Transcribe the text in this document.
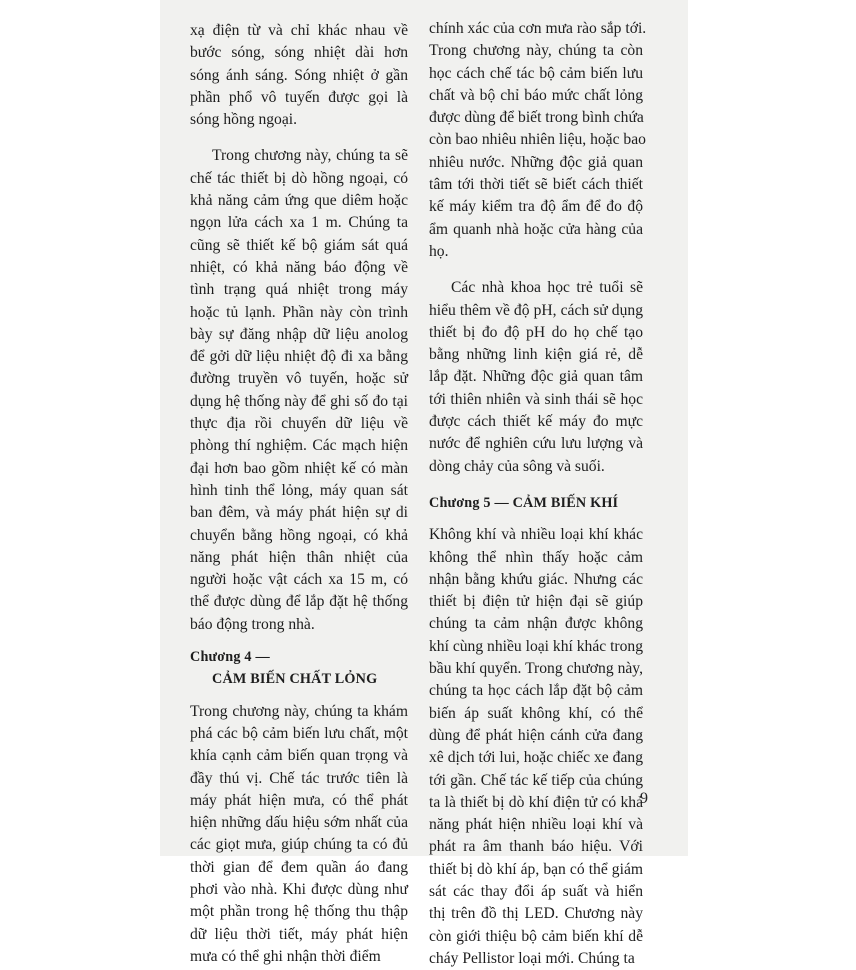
xạ điện từ và chỉ khác nhau về
bước sóng, sóng nhiệt dài hơn
sóng ánh sáng. Sóng nhiệt ở gần
phần phổ vô tuyến được gọi là
sóng hồng ngoại.

Trong chương này, chúng ta sẽ
chế tác thiết bị dò hồng ngoại, có
khả năng cảm ứng que diêm hoặc
ngọn lửa cách xa 1 m. Chúng ta
cũng sẽ thiết kế bộ giám sát quá
nhiệt, có khả năng báo động về
tình trạng quá nhiệt trong máy
hoặc tủ lạnh. Phần này còn trình
bày sự đăng nhập dữ liệu anolog
để gởi dữ liệu nhiệt độ đi xa bằng
đường truyền vô tuyến, hoặc sử
dụng hệ thống này để ghi số đo tại
thực địa rồi chuyển dữ liệu về
phòng thí nghiệm. Các mạch hiện
đại hơn bao gồm nhiệt kế có màn
hình tinh thể lỏng, máy quan sát
ban đêm, và máy phát hiện sự di
chuyển bằng hồng ngoại, có khả
năng phát hiện thân nhiệt của
người hoặc vật cách xa 15 m, có
thể được dùng để lắp đặt hệ thống
báo động trong nhà.

Chương 4 —
CẢM BIẾN CHẤT LỎNG

Trong chương này, chúng ta khám
phá các bộ cảm biến lưu chất, một
khía cạnh cảm biến quan trọng và
đầy thú vị. Chế tác trước tiên là
máy phát hiện mưa, có thể phát
hiện những dấu hiệu sớm nhất của
các giọt mưa, giúp chúng ta có đủ
thời gian để đem quần áo đang
phơi vào nhà. Khi được dùng như
một phần trong hệ thống thu thập
dữ liệu thời tiết, máy phát hiện
mưa có thể ghi nhận thời điểm

chính xác của cơn mưa rào sắp tới.
Trong chương này, chúng ta còn
học cách chế tác bộ cảm biến lưu
chất và bộ chỉ báo mức chất lỏng
được dùng để biết trong bình chứa
còn bao nhiêu nhiên liệu, hoặc bao
nhiêu nước. Những độc giả quan
tâm tới thời tiết sẽ biết cách thiết
kế máy kiểm tra độ ẩm để đo độ
ẩm quanh nhà hoặc cửa hàng của
họ.

Các nhà khoa học trẻ tuổi sẽ
hiểu thêm về độ pH, cách sử dụng
thiết bị đo độ pH do họ chế tạo
bằng những linh kiện giá rẻ, dễ
lắp đặt. Những độc giả quan tâm
tới thiên nhiên và sinh thái sẽ học
được cách thiết kế máy đo mực
nước để nghiên cứu lưu lượng và
dòng chảy của sông và suối.

Chương 5 — CẢM BIẾN KHÍ

Không khí và nhiều loại khí khác
không thể nhìn thấy hoặc cảm
nhận bằng khứu giác. Nhưng các
thiết bị điện tử hiện đại sẽ giúp
chúng ta cảm nhận được không
khí cùng nhiều loại khí khác trong
bầu khí quyển. Trong chương này,
chúng ta học cách lắp đặt bộ cảm
biến áp suất không khí, có thể
dùng để phát hiện cánh cửa đang
xê dịch tới lui, hoặc chiếc xe đang
tới gần. Chế tác kế tiếp của chúng
ta là thiết bị dò khí điện tử có khả
năng phát hiện nhiều loại khí và
phát ra âm thanh báo hiệu. Với
thiết bị dò khí áp, bạn có thể giám
sát các thay đổi áp suất và hiển
thị trên đồ thị LED. Chương này
còn giới thiệu bộ cảm biến khí dễ
cháy Pellistor loại mới. Chúng ta

9
